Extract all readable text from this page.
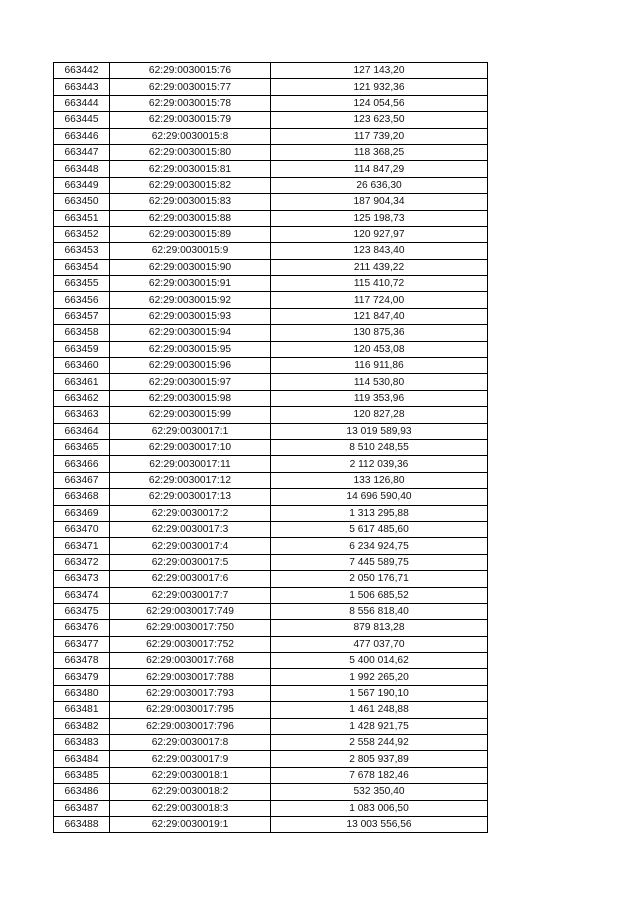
663442	62:29:0030015:76	127 143,20
663443	62:29:0030015:77	121 932,36
663444	62:29:0030015:78	124 054,56
663445	62:29:0030015:79	123 623,50
663446	62:29:0030015:8	117 739,20
663447	62:29:0030015:80	118 368,25
663448	62:29:0030015:81	114 847,29
663449	62:29:0030015:82	26 636,30
663450	62:29:0030015:83	187 904,34
663451	62:29:0030015:88	125 198,73
663452	62:29:0030015:89	120 927,97
663453	62:29:0030015:9	123 843,40
663454	62:29:0030015:90	211 439,22
663455	62:29:0030015:91	115 410,72
663456	62:29:0030015:92	117 724,00
663457	62:29:0030015:93	121 847,40
663458	62:29:0030015:94	130 875,36
663459	62:29:0030015:95	120 453,08
663460	62:29:0030015:96	116 911,86
663461	62:29:0030015:97	114 530,80
663462	62:29:0030015:98	119 353,96
663463	62:29:0030015:99	120 827,28
663464	62:29:0030017:1	13 019 589,93
663465	62:29:0030017:10	8 510 248,55
663466	62:29:0030017:11	2 112 039,36
663467	62:29:0030017:12	133 126,80
663468	62:29:0030017:13	14 696 590,40
663469	62:29:0030017:2	1 313 295,88
663470	62:29:0030017:3	5 617 485,60
663471	62:29:0030017:4	6 234 924,75
663472	62:29:0030017:5	7 445 589,75
663473	62:29:0030017:6	2 050 176,71
663474	62:29:0030017:7	1 506 685,52
663475	62:29:0030017:749	8 556 818,40
663476	62:29:0030017:750	879 813,28
663477	62:29:0030017:752	477 037,70
663478	62:29:0030017:768	5 400 014,62
663479	62:29:0030017:788	1 992 265,20
663480	62:29:0030017:793	1 567 190,10
663481	62:29:0030017:795	1 461 248,88
663482	62:29:0030017:796	1 428 921,75
663483	62:29:0030017:8	2 558 244,92
663484	62:29:0030017:9	2 805 937,89
663485	62:29:0030018:1	7 678 182,46
663486	62:29:0030018:2	532 350,40
663487	62:29:0030018:3	1 083 006,50
663488	62:29:0030019:1	13 003 556,56
